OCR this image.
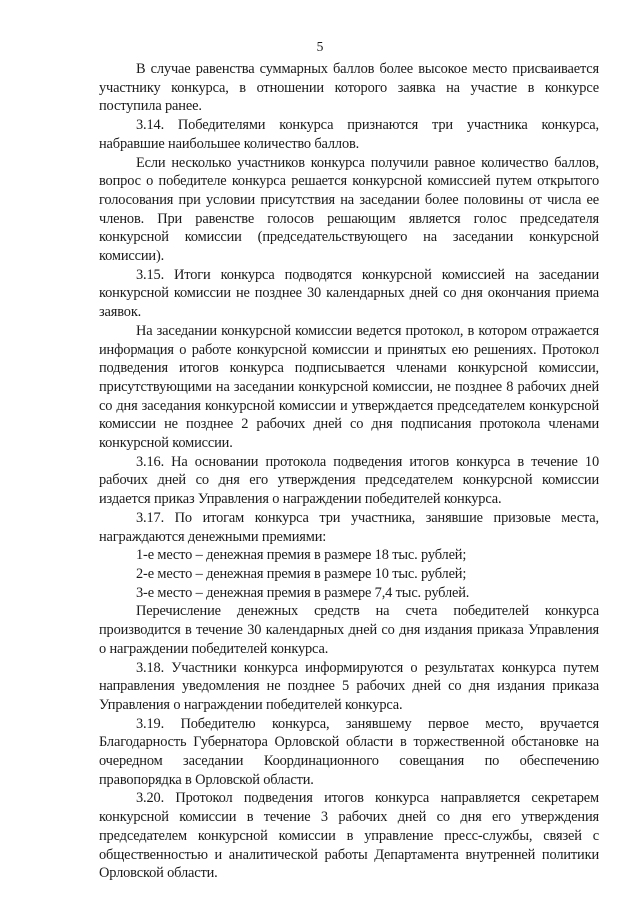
5

В случае равенства суммарных баллов более высокое место присваивается участнику конкурса, в отношении которого заявка на участие в конкурсе поступила ранее.

3.14. Победителями конкурса признаются три участника конкурса, набравшие наибольшее количество баллов.

Если несколько участников конкурса получили равное количество баллов, вопрос о победителе конкурса решается конкурсной комиссией путем открытого голосования при условии присутствия на заседании более половины от числа ее членов. При равенстве голосов решающим является голос председателя конкурсной комиссии (председательствующего на заседании конкурсной комиссии).

3.15. Итоги конкурса подводятся конкурсной комиссией на заседании конкурсной комиссии не позднее 30 календарных дней со дня окончания приема заявок.

На заседании конкурсной комиссии ведется протокол, в котором отражается информация о работе конкурсной комиссии и принятых ею решениях. Протокол подведения итогов конкурса подписывается членами конкурсной комиссии, присутствующими на заседании конкурсной комиссии, не позднее 8 рабочих дней со дня заседания конкурсной комиссии и утверждается председателем конкурсной комиссии не позднее 2 рабочих дней со дня подписания протокола членами конкурсной комиссии.

3.16. На основании протокола подведения итогов конкурса в течение 10 рабочих дней со дня его утверждения председателем конкурсной комиссии издается приказ Управления о награждении победителей конкурса.

3.17. По итогам конкурса три участника, занявшие призовые места, награждаются денежными премиями:

1-е место – денежная премия в размере 18 тыс. рублей;

2-е место – денежная премия в размере 10 тыс. рублей;

3-е место – денежная премия в размере 7,4 тыс. рублей.

Перечисление денежных средств на счета победителей конкурса производится в течение 30 календарных дней со дня издания приказа Управления о награждении победителей конкурса.

3.18. Участники конкурса информируются о результатах конкурса путем направления уведомления не позднее 5 рабочих дней со дня издания приказа Управления о награждении победителей конкурса.

3.19. Победителю конкурса, занявшему первое место, вручается Благодарность Губернатора Орловской области в торжественной обстановке на очередном заседании Координационного совещания по обеспечению правопорядка в Орловской области.

3.20. Протокол подведения итогов конкурса направляется секретарем конкурсной комиссии в течение 3 рабочих дней со дня его утверждения председателем конкурсной комиссии в управление пресс-службы, связей с общественностью и аналитической работы Департамента внутренней политики Орловской области.
